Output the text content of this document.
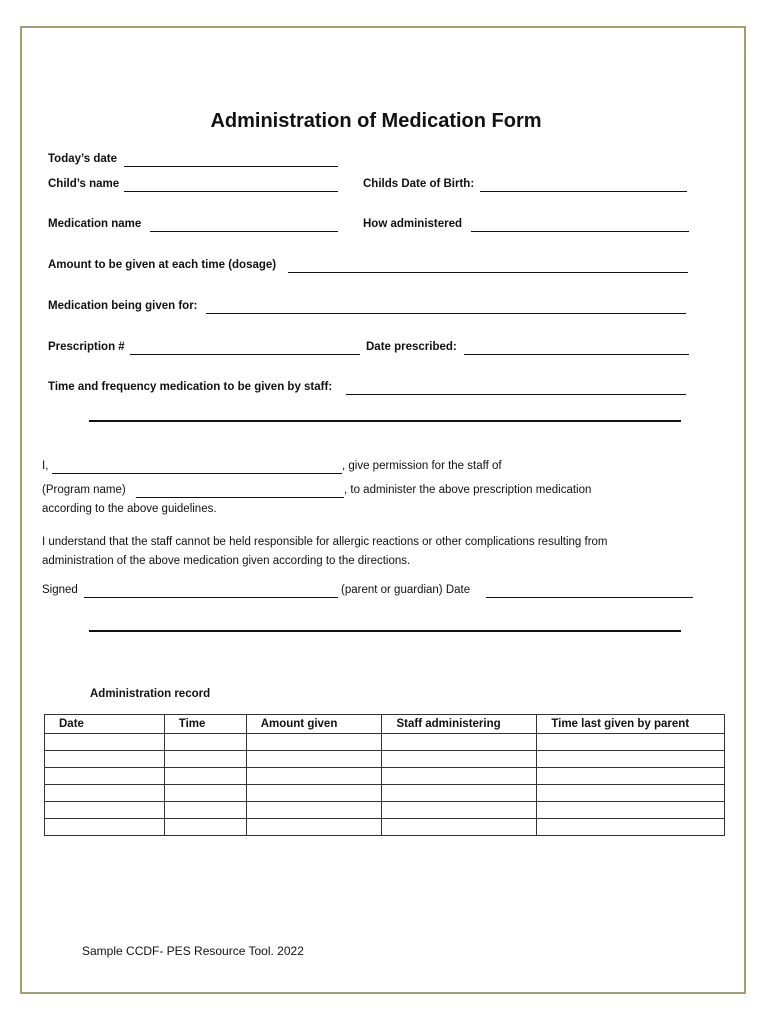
Administration of Medication Form
Today’s date
Child’s name	Childs Date of Birth:
Medication name	How administered
Amount to be given at each time (dosage)
Medication being given for:
Prescription #	Date prescribed:
Time and frequency medication to be given by staff:
I,	, give permission for the staff of
(Program name)	, to administer the above prescription medication
according to the above guidelines.
I understand that the staff cannot be held responsible for allergic reactions or other complications resulting from
administration of the above medication given according to the directions.
Signed	(parent or guardian) Date
Administration record
Date	Time	Amount given	Staff administering	Time last given by parent

Sample CCDF- PES Resource Tool. 2022
